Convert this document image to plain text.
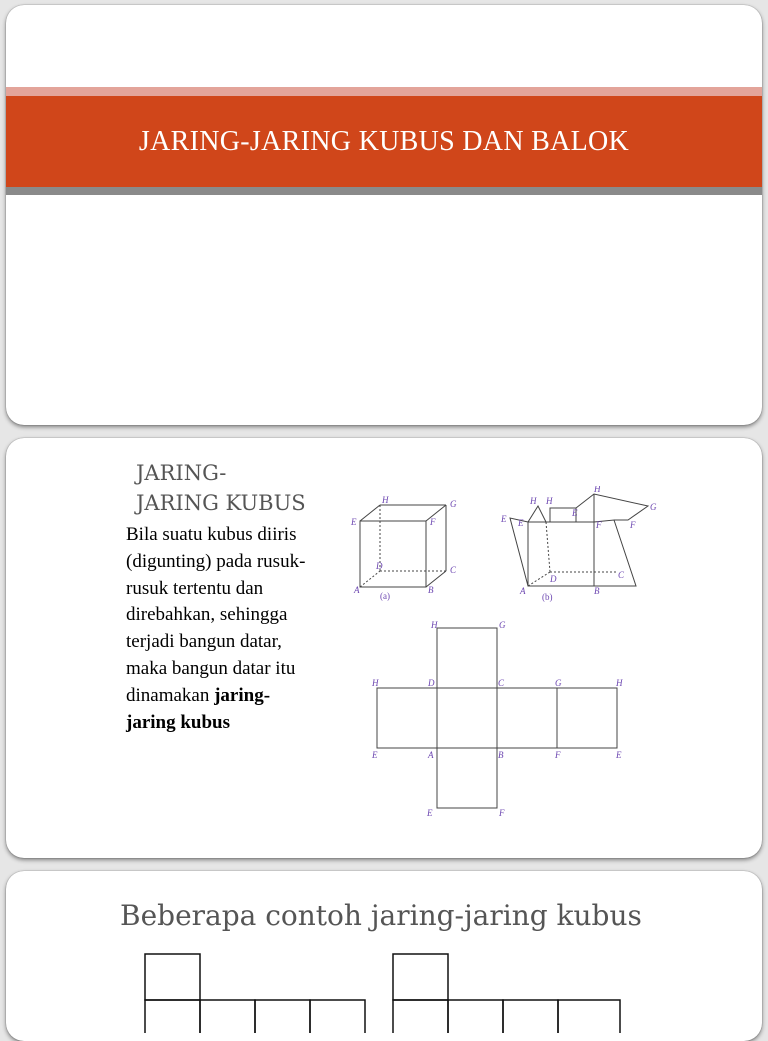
JARING-JARING KUBUS DAN BALOK
JARING-
JARING KUBUS
Bila suatu kubus diiris (digunting) pada rusuk-rusuk tertentu dan direbahkan, sehingga terjadi bangun datar, maka bangun datar itu dinamakan jaring-jaring kubus
H	G
E	F
D	C
A	B
(a)
H H
H
G
E E
E
F	F
D	C
A	B
(b)
H	G
H	D	C	G	H
E	A	B	F	E
E	F
Beberapa contoh jaring-jaring kubus
